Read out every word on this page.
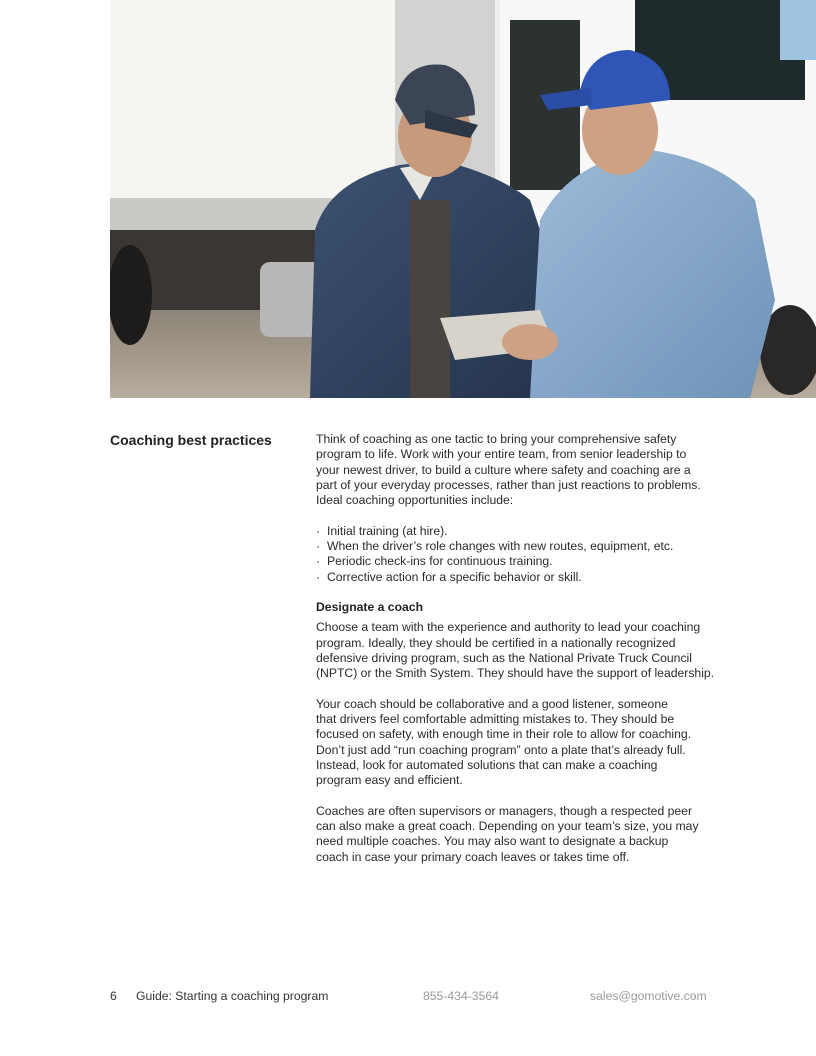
Coaching best practices	Think of coaching as one tactic to bring your comprehensive safety
program to life. Work with your entire team, from senior leadership to
your newest driver, to build a culture where safety and coaching are a
part of your everyday processes, rather than just reactions to problems.
Ideal coaching opportunities include:

· Initial training (at hire).
· When the driver’s role changes with new routes, equipment, etc.
· Periodic check-ins for continuous training.
· Corrective action for a specific behavior or skill.
Designate a coach

Choose a team with the experience and authority to lead your coaching
program. Ideally, they should be certified in a nationally recognized
defensive driving program, such as the National Private Truck Council
(NPTC) or the Smith System. They should have the support of leadership.

Your coach should be collaborative and a good listener, someone
that drivers feel comfortable admitting mistakes to. They should be
focused on safety, with enough time in their role to allow for coaching.
Don’t just add “run coaching program” onto a plate that’s already full.
Instead, look for automated solutions that can make a coaching
program easy and efficient.

Coaches are often supervisors or managers, though a respected peer
can also make a great coach. Depending on your team’s size, you may
need multiple coaches. You may also want to designate a backup
coach in case your primary coach leaves or takes time off.

6 Guide: Starting a coaching program	855-434-3564	sales@gomotive.com
